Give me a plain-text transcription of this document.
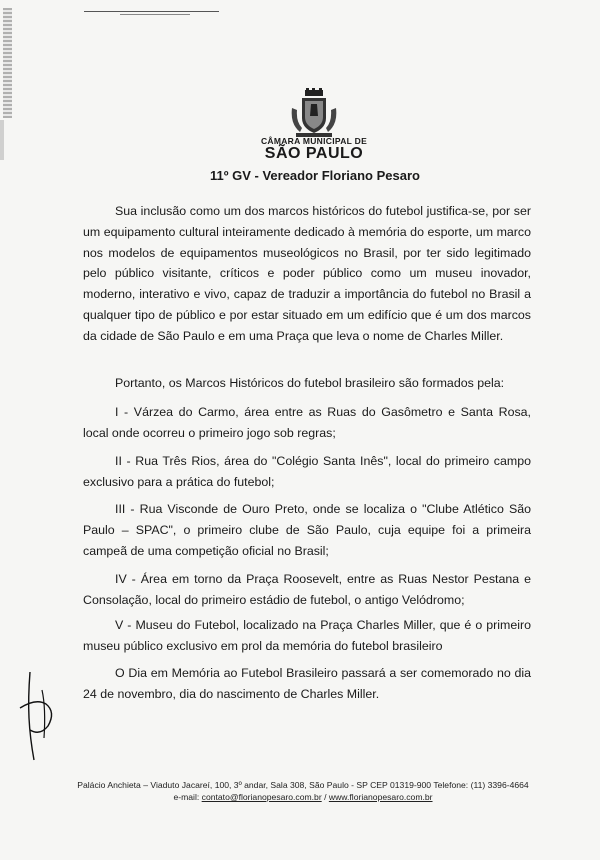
CÂMARA MUNICIPAL DE
SÃO PAULO
11º GV - Vereador Floriano Pesaro
Sua inclusão como um dos marcos históricos do futebol justifica-se, por ser um equipamento cultural inteiramente dedicado à memória do esporte, um marco nos modelos de equipamentos museológicos no Brasil, por ter sido legitimado pelo público visitante, críticos e poder público como um museu inovador, moderno, interativo e vivo, capaz de traduzir a importância do futebol no Brasil a qualquer tipo de público e por estar situado em um edifício que é um dos marcos da cidade de São Paulo e em uma Praça que leva o nome de Charles Miller.
Portanto, os Marcos Históricos do futebol brasileiro são formados pela:
I - Várzea do Carmo, área entre as Ruas do Gasômetro e Santa Rosa, local onde ocorreu o primeiro jogo sob regras;
II - Rua Três Rios, área do "Colégio Santa Inês", local do primeiro campo exclusivo para a prática do futebol;
III - Rua Visconde de Ouro Preto, onde se localiza o "Clube Atlético São Paulo – SPAC", o primeiro clube de São Paulo, cuja equipe foi a primeira campeã de uma competição oficial no Brasil;
IV - Área em torno da Praça Roosevelt, entre as Ruas Nestor Pestana e Consolação, local do primeiro estádio de futebol, o antigo Velódromo;
V - Museu do Futebol, localizado na Praça Charles Miller, que é o primeiro museu público exclusivo em prol da memória do futebol brasileiro
O Dia em Memória ao Futebol Brasileiro passará a ser comemorado no dia 24 de novembro, dia do nascimento de Charles Miller.
Palácio Anchieta – Viaduto Jacareí, 100, 3º andar, Sala 308, São Paulo - SP CEP 01319-900 Telefone: (11) 3396-4664
e-mail: contato@florianopesaro.com.br / www.florianopesaro.com.br
